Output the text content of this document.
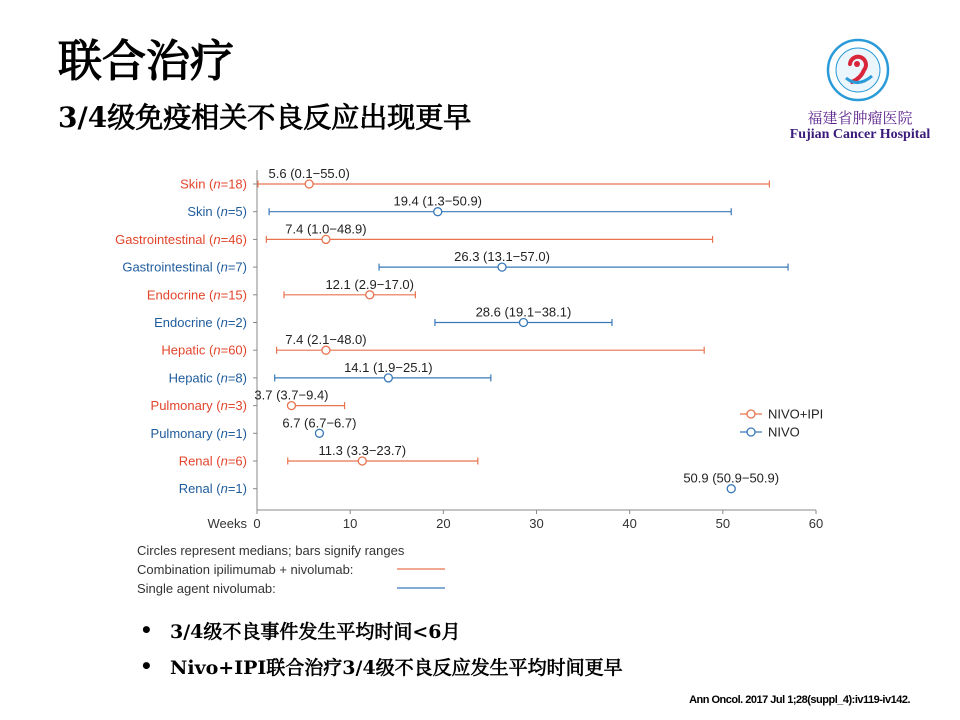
联合治疗
3/4级免疫相关不良反应出现更早	福建省肿瘤医院
Fujian Cancer Hospital
Weeks 0	10	20	30	40	50	60
Skin (n=18)
5.6 (0.1−55.0)
Skin (n=5)
19.4 (1.3−50.9)
Gastrointestinal (n=46)
7.4 (1.0−48.9)
Gastrointestinal (n=7)
26.3 (13.1−57.0)
Endocrine (n=15)
12.1 (2.9−17.0)
Endocrine (n=2)
28.6 (19.1−38.1)
Hepatic (n=60)
7.4 (2.1−48.0)
Hepatic (n=8)
14.1 (1.9−25.1)
Pulmonary (n=3)
3.7 (3.7−9.4)
Pulmonary (n=1)
6.7 (6.7−6.7)
Renal (n=6)
11.3 (3.3−23.7)
Renal (n=1)
50.9 (50.9−50.9)
NIVO+IPI
NIVO
Circles represent medians; bars signify ranges
Combination ipilimumab + nivolumab:
Single agent nivolumab:
• 3/4级不良事件发生平均时间<6月
• Nivo+IPI联合治疗3/4级不良反应发生平均时间更早
Ann Oncol. 2017 Jul 1;28(suppl_4):iv119-iv142.
